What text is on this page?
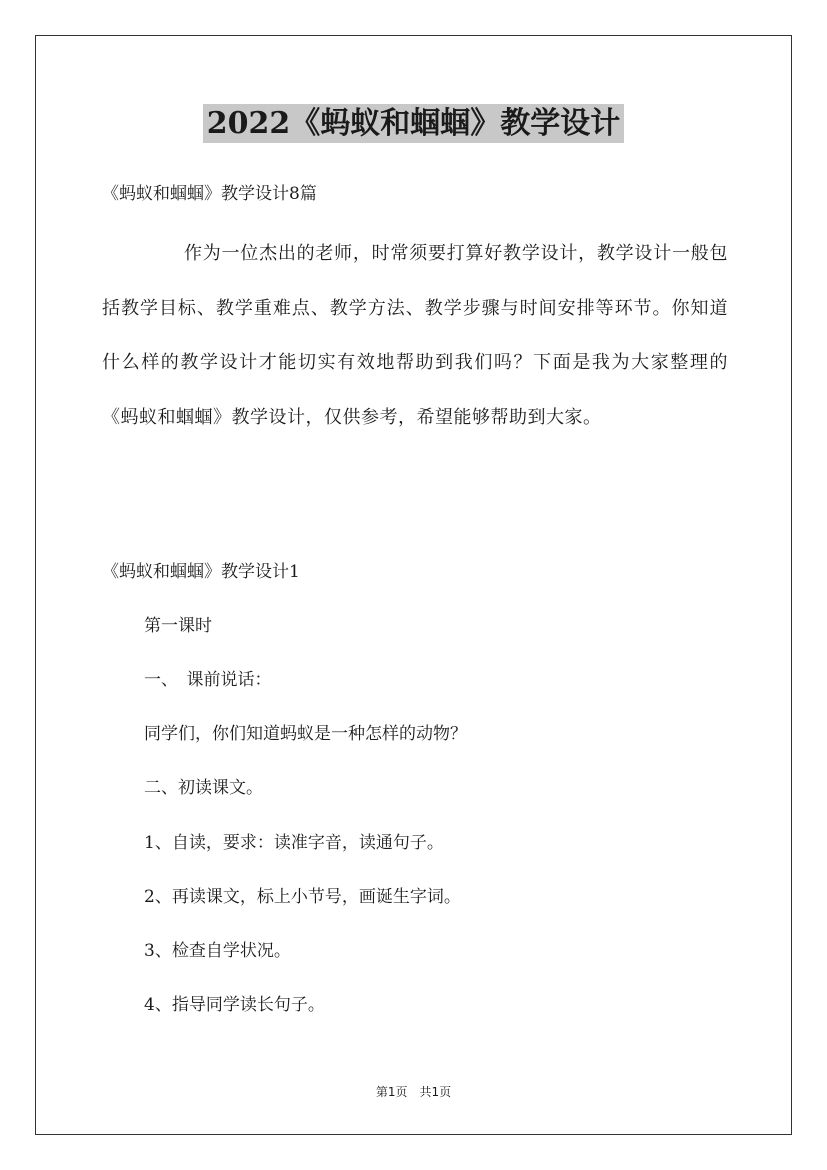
2022《蚂蚁和蝈蝈》教学设计
《蚂蚁和蝈蝈》教学设计8篇
作为一位杰出的老师，时常须要打算好教学设计，教学设计一般包括教学目标、教学重难点、教学方法、教学步骤与时间安排等环节。你知道什么样的教学设计才能切实有效地帮助到我们吗？下面是我为大家整理的《蚂蚁和蝈蝈》教学设计，仅供参考，希望能够帮助到大家。
《蚂蚁和蝈蝈》教学设计1
第一课时
一、　课前说话：
同学们，你们知道蚂蚁是一种怎样的动物？
二、初读课文。
1、自读，要求：读准字音，读通句子。
2、再读课文，标上小节号，画诞生字词。
3、检查自学状况。
4、指导同学读长句子。
第1页　共1页
